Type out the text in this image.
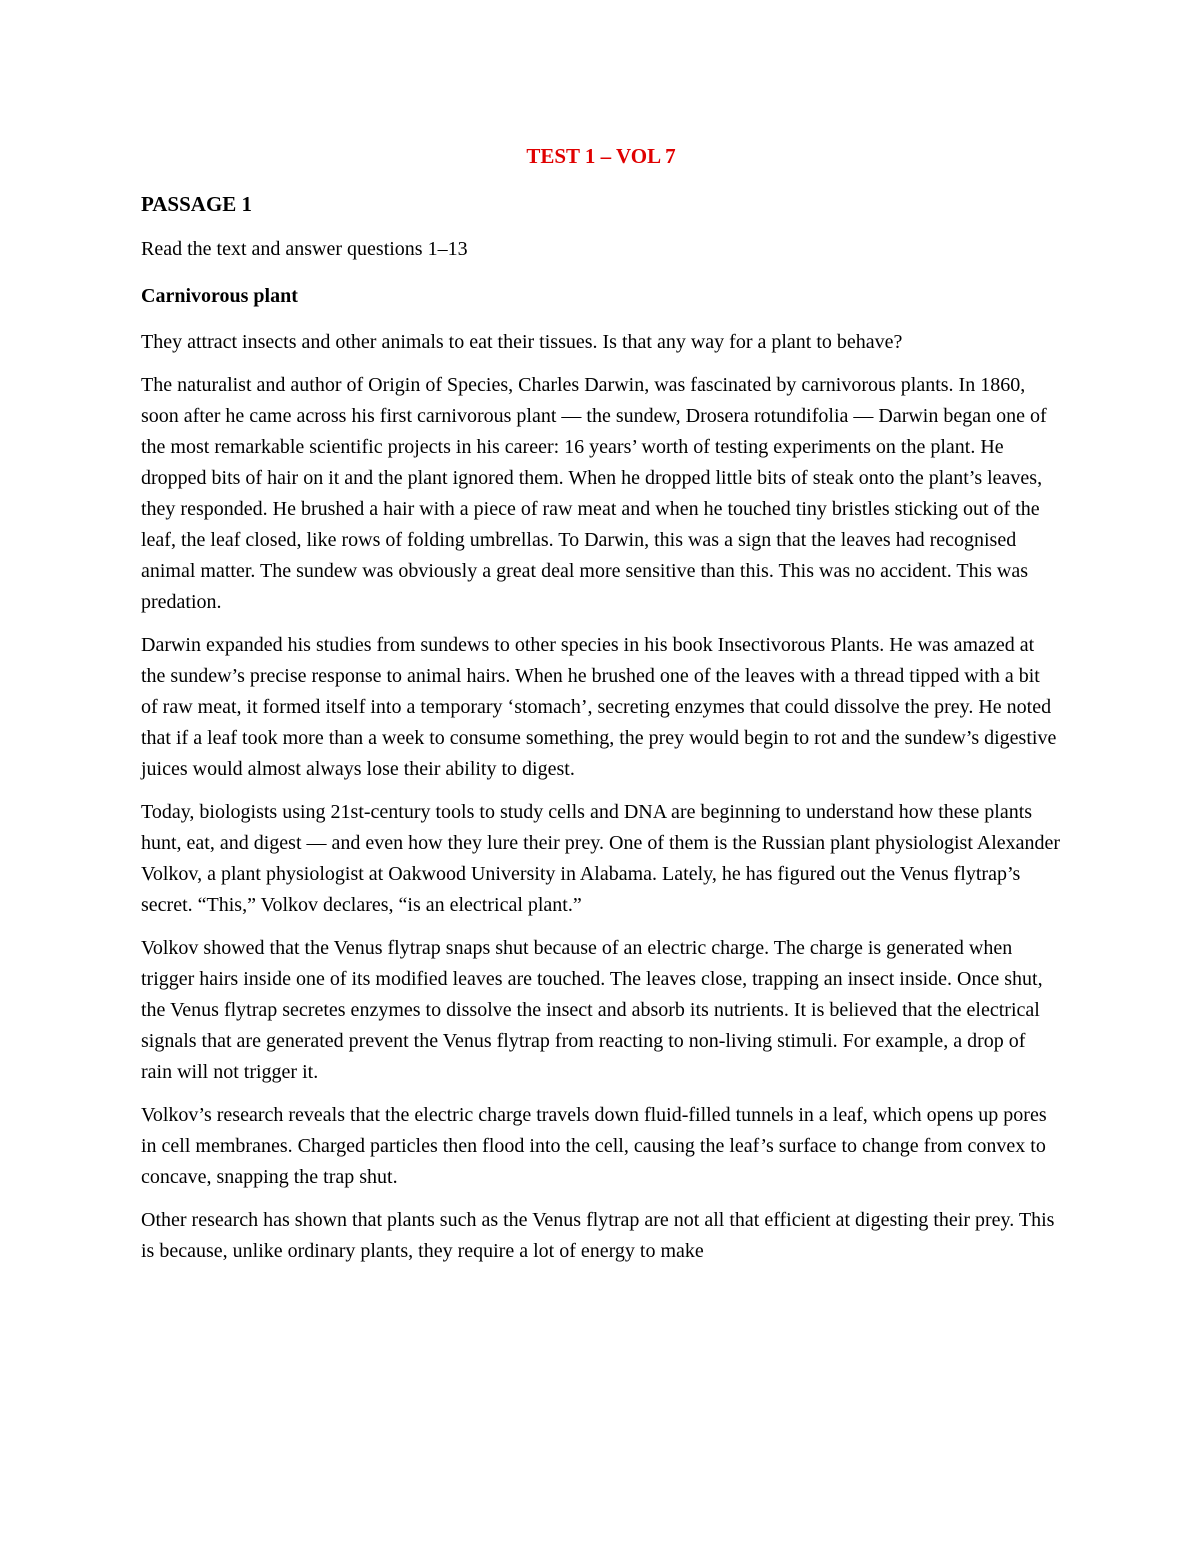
TEST 1 – VOL 7
PASSAGE 1
Read the text and answer questions 1–13
Carnivorous plant

They attract insects and other animals to eat their tissues. Is that any way for a plant to behave?

The naturalist and author of Origin of Species, Charles Darwin, was fascinated by carnivorous plants. In 1860, soon after he came across his first carnivorous plant — the sundew, Drosera rotundifolia — Darwin began one of the most remarkable scientific projects in his career: 16 years’ worth of testing experiments on the plant. He dropped bits of hair on it and the plant ignored them. When he dropped little bits of steak onto the plant’s leaves, they responded. He brushed a hair with a piece of raw meat and when he touched tiny bristles sticking out of the leaf, the leaf closed, like rows of folding umbrellas. To Darwin, this was a sign that the leaves had recognised animal matter. The sundew was obviously a great deal more sensitive than this. This was no accident. This was predation.

Darwin expanded his studies from sundews to other species in his book Insectivorous Plants. He was amazed at the sundew’s precise response to animal hairs. When he brushed one of the leaves with a thread tipped with a bit of raw meat, it formed itself into a temporary ‘stomach’, secreting enzymes that could dissolve the prey. He noted that if a leaf took more than a week to consume something, the prey would begin to rot and the sundew’s digestive juices would almost always lose their ability to digest.

Today, biologists using 21st-century tools to study cells and DNA are beginning to understand how these plants hunt, eat, and digest — and even how they lure their prey. One of them is the Russian plant physiologist Alexander Volkov, a plant physiologist at Oakwood University in Alabama. Lately, he has figured out the Venus flytrap’s secret. “This,” Volkov declares, “is an electrical plant.”

Volkov showed that the Venus flytrap snaps shut because of an electric charge. The charge is generated when trigger hairs inside one of its modified leaves are touched. The leaves close, trapping an insect inside. Once shut, the Venus flytrap secretes enzymes to dissolve the insect and absorb its nutrients. It is believed that the electrical signals that are generated prevent the Venus flytrap from reacting to non-living stimuli. For example, a drop of rain will not trigger it.

Volkov’s research reveals that the electric charge travels down fluid-filled tunnels in a leaf, which opens up pores in cell membranes. Charged particles then flood into the cell, causing the leaf’s surface to change from convex to concave, snapping the trap shut.

Other research has shown that plants such as the Venus flytrap are not all that efficient at digesting their prey. This is because, unlike ordinary plants, they require a lot of energy to make
